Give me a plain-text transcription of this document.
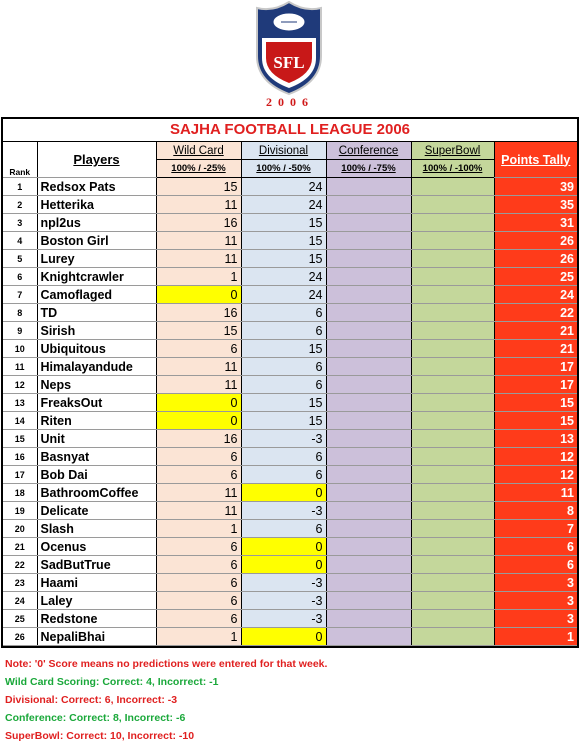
SFL
2006
SAJHA FOOTBALL LEAGUE 2006
Rank	Players	Wild Card	Divisional	Conference	SuperBowl	Points Tally
		100% / -25%	100% / -50%	100% / -75%	100% / -100%	
1	Redsox Pats	15	24			39
2	Hetterika	11	24			35
3	npl2us	16	15			31
4	Boston Girl	11	15			26
5	Lurey	11	15			26
6	Knightcrawler	1	24			25
7	Camoflaged	0	24			24
8	TD	16	6			22
9	Sirish	15	6			21
10	Ubiquitous	6	15			21
11	Himalayandude	11	6			17
12	Neps	11	6			17
13	FreaksOut	0	15			15
14	Riten	0	15			15
15	Unit	16	-3			13
16	Basnyat	6	6			12
17	Bob Dai	6	6			12
18	BathroomCoffee	11	0			11
19	Delicate	11	-3			8
20	Slash	1	6			7
21	Ocenus	6	0			6
22	SadButTrue	6	0			6
23	Haami	6	-3			3
24	Laley	6	-3			3
25	Redstone	6	-3			3
26	NepaliBhai	1	0			1
Note: '0' Score means no predictions were entered for that week.
Wild Card Scoring: Correct: 4, Incorrect: -1
Divisional: Correct: 6, Incorrect: -3
Conference: Correct: 8, Incorrect: -6
SuperBowl: Correct: 10, Incorrect: -10
